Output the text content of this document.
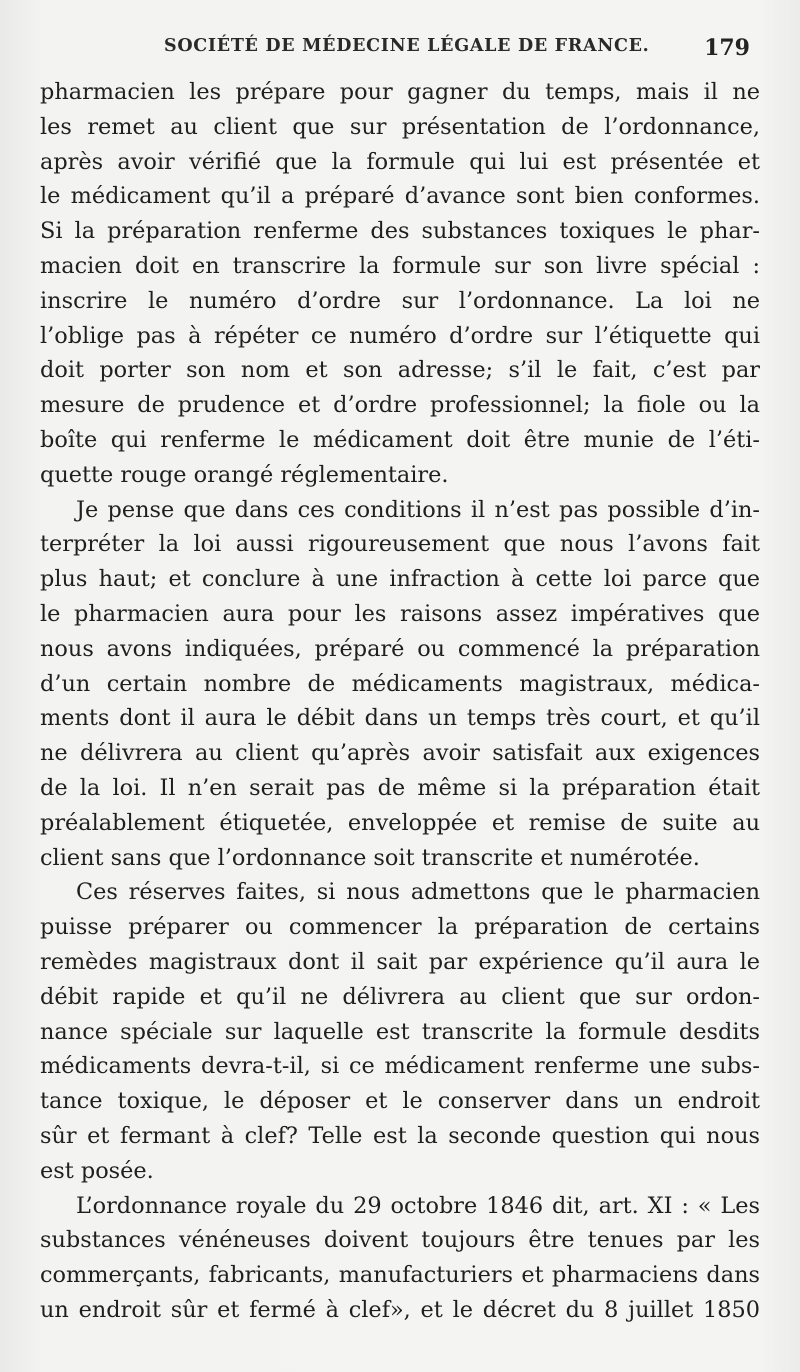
SOCIÉTÉ DE MÉDECINE LÉGALE DE FRANCE. 179
pharmacien les prépare pour gagner du temps, mais il ne
les remet au client que sur présentation de l’ordonnance,
après avoir vérifié que la formule qui lui est présentée et
le médicament qu’il a préparé d’avance sont bien conformes.
Si la préparation renferme des substances toxiques le phar-
macien doit en transcrire la formule sur son livre spécial :
inscrire le numéro d’ordre sur l’ordonnance. La loi ne
l’oblige pas à répéter ce numéro d’ordre sur l’étiquette qui
doit porter son nom et son adresse; s’il le fait, c’est par
mesure de prudence et d’ordre professionnel; la fiole ou la
boîte qui renferme le médicament doit être munie de l’éti-
quette rouge orangé réglementaire.
Je pense que dans ces conditions il n’est pas possible d’in-
terpréter la loi aussi rigoureusement que nous l’avons fait
plus haut; et conclure à une infraction à cette loi parce que
le pharmacien aura pour les raisons assez impératives que
nous avons indiquées, préparé ou commencé la préparation
d’un certain nombre de médicaments magistraux, médica-
ments dont il aura le débit dans un temps très court, et qu’il
ne délivrera au client qu’après avoir satisfait aux exigences
de la loi. Il n’en serait pas de même si la préparation était
préalablement étiquetée, enveloppée et remise de suite au
client sans que l’ordonnance soit transcrite et numérotée.
Ces réserves faites, si nous admettons que le pharmacien
puisse préparer ou commencer la préparation de certains
remèdes magistraux dont il sait par expérience qu’il aura le
débit rapide et qu’il ne délivrera au client que sur ordon-
nance spéciale sur laquelle est transcrite la formule desdits
médicaments devra-t-il, si ce médicament renferme une subs-
tance toxique, le déposer et le conserver dans un endroit
sûr et fermant à clef? Telle est la seconde question qui nous
est posée.
L’ordonnance royale du 29 octobre 1846 dit, art. XI : « Les
substances vénéneuses doivent toujours être tenues par les
commerçants, fabricants, manufacturiers et pharmaciens dans
un endroit sûr et fermé à clef», et le décret du 8 juillet 1850
